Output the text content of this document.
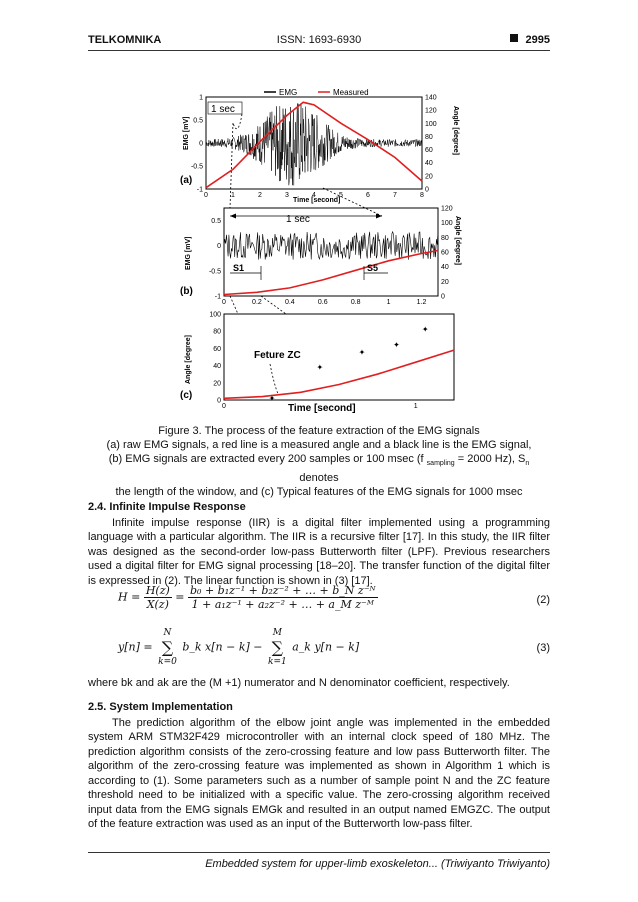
TELKOMNIKA	ISSN: 1693-6930	2995
EMG	Measured
1 sec
(a)
EMG [mV]	Angle [degree]
Time [second]
0	1	2	3	4	5	6	7	8
1
0.5
0
-0.5
-1
140
120
100
80
60
40
20
0
1 sec
S1	S5
(b)
EMG [mV]	Angle [degree]
0	0.2	0.4	0.6	0.8	1	1.2
0.5
0
-0.5
-1
120
100
80
60
40
20
0
✦
✦
✦
✦
✦
Feture ZC
(c)
Angle [degree]
Time [second]
0	1
100
80
60
40
20
0
Figure 3. The process of the feature extraction of the EMG signals
(a) raw EMG signals, a red line is a measured angle and a black line is the EMG signal,
(b) EMG signals are extracted every 200 samples or 100 msec (f $_{sampling}$ = 2000 Hz), $S_n$ denotes
the length of the window, and (c) Typical features of the EMG signals for 1000 msec
2.4. Infinite Impulse Response

Infinite impulse response (IIR) is a digital filter implemented using a programming language with a particular algorithm. The IIR is a recursive filter [17]. In this study, the IIR filter was designed as the second-order low-pass Butterworth filter (LPF). Previous researchers used a digital filter for EMG signal processing [18–20]. The transfer function of the digital filter is expressed in (2). The linear function is shown in (3) [17].

$H = \frac{H(z)}{X(z)} = \frac{\text{b₀ + b₁z⁻¹ + b₂z⁻² + … + b\_N z⁻ᴺ}}{\text{1 + a₁z⁻¹ + a₂z⁻² + … + a\_M z⁻ᴹ}}$	(2)
y[n] =
N
∑
k=0
b_k x[n − k] −
M
∑
k=1
a_k y[n − k]	(3)
where bk and ak are the (M +1) numerator and N denominator coefficient, respectively.
2.5. System Implementation

The prediction algorithm of the elbow joint angle was implemented in the embedded system ARM STM32F429 microcontroller with an internal clock speed of 180 MHz. The prediction algorithm consists of the zero-crossing feature and low pass Butterworth filter. The algorithm of the zero-crossing feature was implemented as shown in Algorithm 1 which is according to (1). Some parameters such as a number of sample point N and the ZC feature threshold need to be initialized with a specific value. The zero-crossing algorithm received input data from the EMG signals EMGk and resulted in an output named EMGZC. The output of the feature extraction was used as an input of the Butterworth low-pass filter.

Embedded system for upper-limb exoskeleton... (Triwiyanto Triwiyanto)
